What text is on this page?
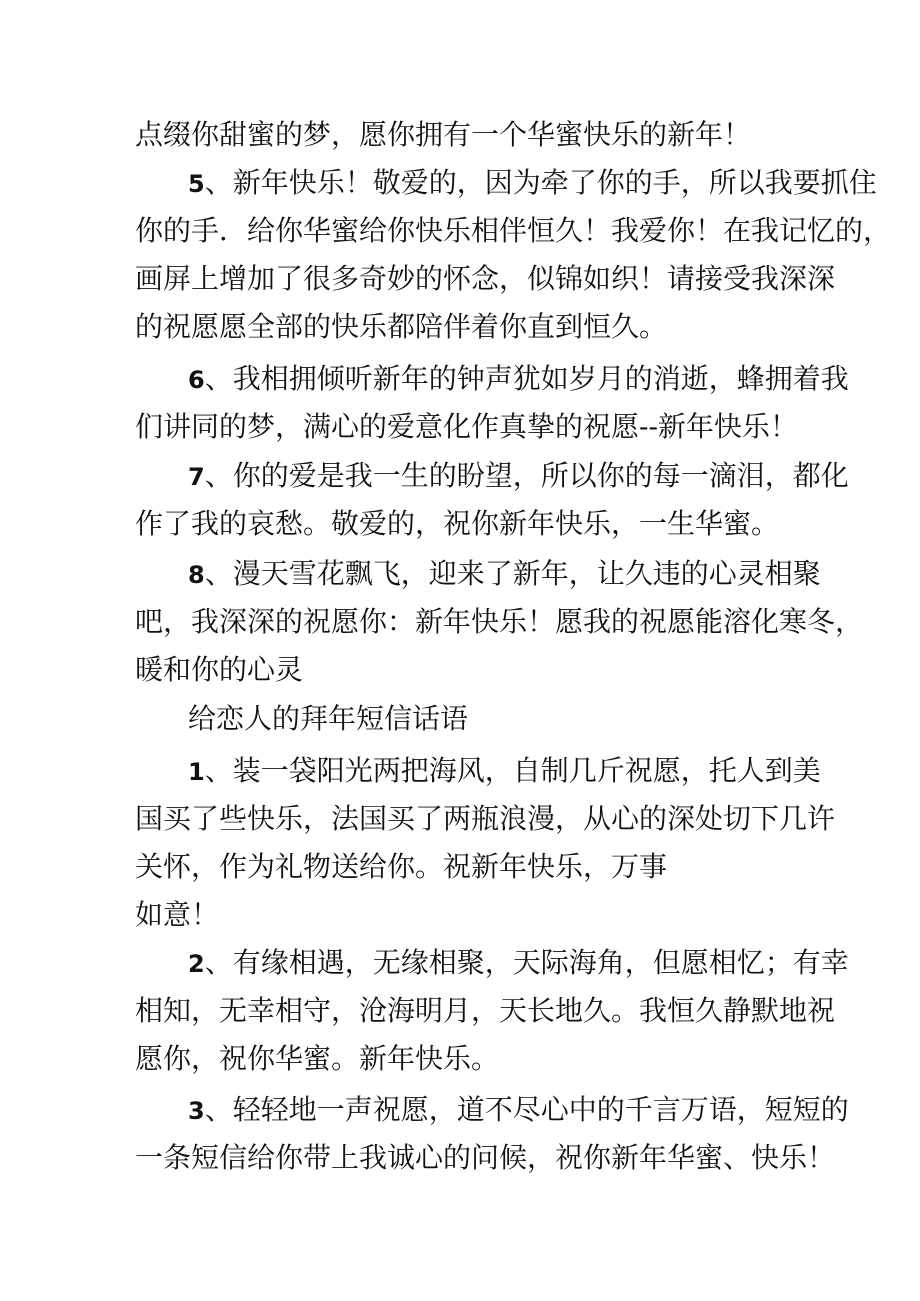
点缀你甜蜜的梦，愿你拥有一个华蜜快乐的新年！
5、新年快乐！敬爱的，因为牵了你的手，所以我要抓住
你的手．给你华蜜给你快乐相伴恒久！我爱你！在我记忆的，
画屏上增加了很多奇妙的怀念，似锦如织！请接受我深深
的祝愿愿全部的快乐都陪伴着你直到恒久。
6、我相拥倾听新年的钟声犹如岁月的消逝，蜂拥着我
们讲同的梦，满心的爱意化作真挚的祝愿--新年快乐！
7、你的爱是我一生的盼望，所以你的每一滴泪，都化
作了我的哀愁。敬爱的，祝你新年快乐，一生华蜜。
8、漫天雪花飘飞，迎来了新年，让久违的心灵相聚
吧，我深深的祝愿你：新年快乐！愿我的祝愿能溶化寒冬，
暖和你的心灵
给恋人的拜年短信话语
1、装一袋阳光两把海风，自制几斤祝愿，托人到美
国买了些快乐，法国买了两瓶浪漫，从心的深处切下几许
关怀，作为礼物送给你。祝新年快乐，万事
如意！
2、有缘相遇，无缘相聚，天际海角，但愿相忆；有幸
相知，无幸相守，沧海明月，天长地久。我恒久静默地祝
愿你，祝你华蜜。新年快乐。
3、轻轻地一声祝愿，道不尽心中的千言万语，短短的
一条短信给你带上我诚心的问候，祝你新年华蜜、快乐！
